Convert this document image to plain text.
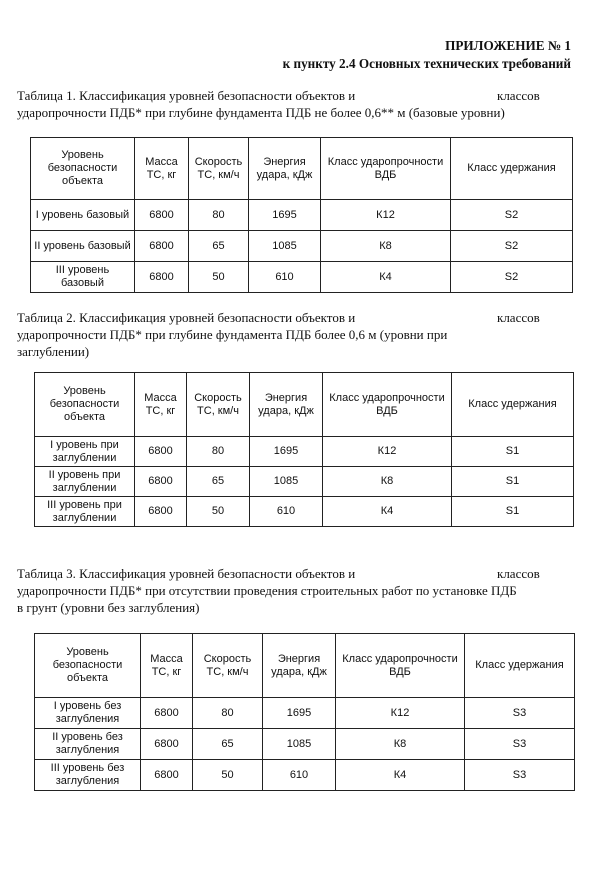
ПРИЛОЖЕНИЕ № 1
к пункту 2.4 Основных технических требований
Таблица 1. Классификация уровней безопасности объектов и	классов
ударопрочности ПДБ* при глубине фундамента ПДБ не более 0,6** м (базовые уровни)
Уровень безопасности объекта	Масса ТС, кг	Скорость ТС, км/ч	Энергия удара, кДж	Класс ударопрочности ВДБ	Класс удержания
I уровень базовый	6800	80	1695	К12	S2
II уровень базовый	6800	65	1085	К8	S2
III уровень базовый	6800	50	610	К4	S2
Таблица 2. Классификация уровней безопасности объектов и	классов
ударопрочности ПДБ* при глубине фундамента ПДБ более 0,6 м (уровни при
заглублении)
Уровень безопасности объекта	Масса ТС, кг	Скорость ТС, км/ч	Энергия удара, кДж	Класс ударопрочности ВДБ	Класс удержания
I уровень при заглублении	6800	80	1695	К12	S1
II уровень при заглублении	6800	65	1085	К8	S1
III уровень при заглублении	6800	50	610	К4	S1
Таблица 3. Классификация уровней безопасности объектов и	классов
ударопрочности ПДБ* при отсутствии проведения строительных работ по установке ПДБ
в грунт (уровни без заглубления)
Уровень безопасности объекта	Масса ТС, кг	Скорость ТС, км/ч	Энергия удара, кДж	Класс ударопрочности ВДБ	Класс удержания
I уровень без заглубления	6800	80	1695	К12	S3
II уровень без заглубления	6800	65	1085	К8	S3
III уровень без заглубления	6800	50	610	К4	S3
